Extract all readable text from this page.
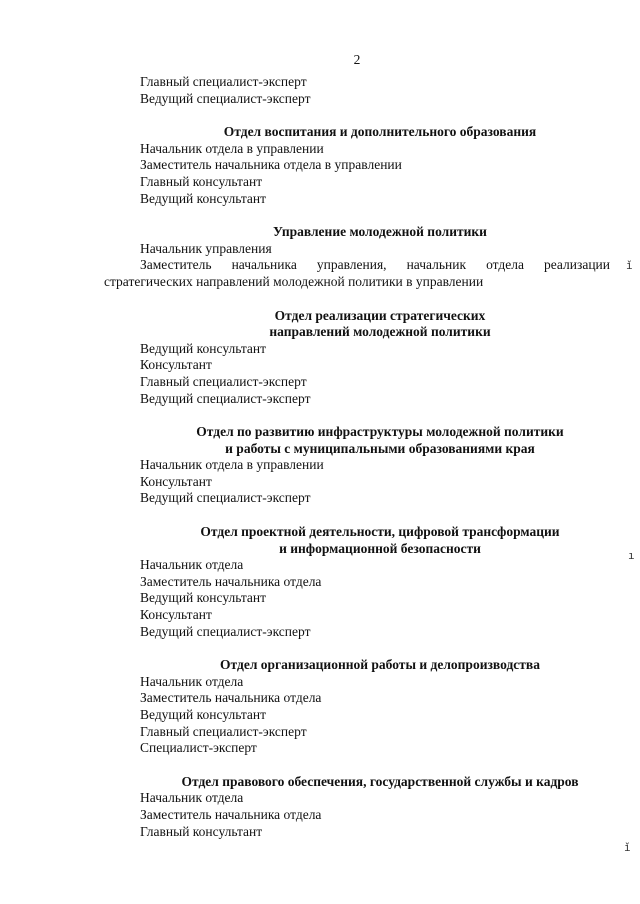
2

Главный специалист-эксперт

Ведущий специалист-эксперт

Отдел воспитания и дополнительного образования

Начальник отдела в управлении

Заместитель начальника отдела в управлении

Главный консультант

Ведущий консультант

Управление молодежной политики

Начальник управления

Заместитель начальника управления, начальник отдела реализации

стратегических направлений молодежной политики в управлении

Отдел реализации стратегических

направлений молодежной политики

Ведущий консультант

Консультант

Главный специалист-эксперт

Ведущий специалист-эксперт

Отдел по развитию инфраструктуры молодежной политики

и работы с муниципальными образованиями края

Начальник отдела в управлении

Консультант

Ведущий специалист-эксперт

Отдел проектной деятельности, цифровой трансформации

и информационной безопасности

Начальник отдела

Заместитель начальника отдела

Ведущий консультант

Консультант

Ведущий специалист-эксперт

Отдел организационной работы и делопроизводства

Начальник отдела

Заместитель начальника отдела

Ведущий консультант

Главный специалист-эксперт

Специалист-эксперт

Отдел правового обеспечения, государственной службы и кадров

Начальник отдела

Заместитель начальника отдела

Главный консультант

ǐ
ı
ǐ
